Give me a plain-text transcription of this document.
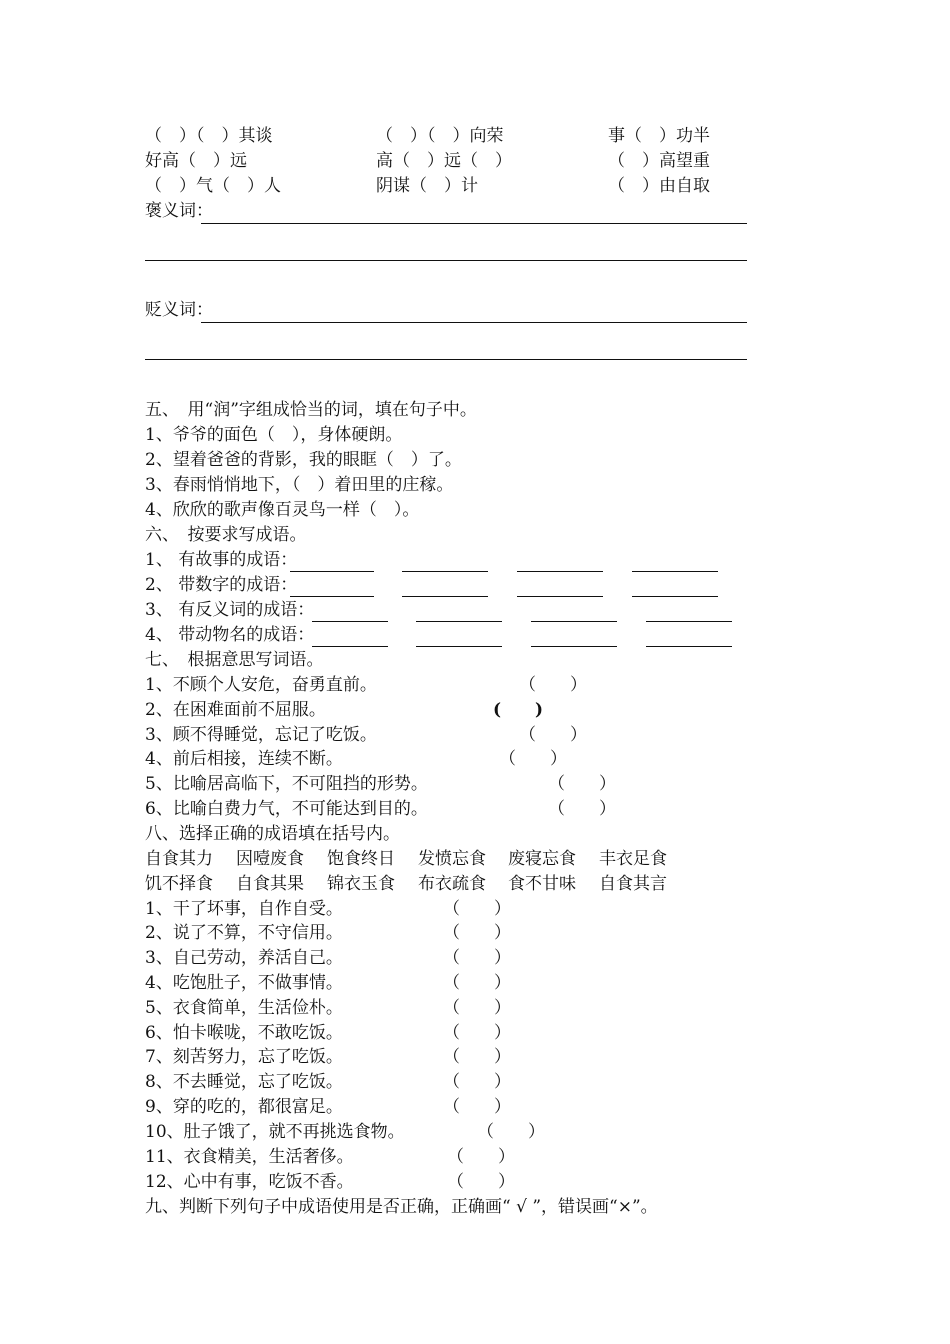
（　）（　）其谈	（　）（　）向荣	事（　）功半
好高（　）远	高（　）远（　）	（　）高望重
（　）气（　）人	阴谋（　）计	（　）由自取
褒义词：
贬义词：
五、　用“润”字组成恰当的词，填在句子中。
1、爷爷的面色（　），身体硬朗。
2、望着爸爸的背影，我的眼眶（　）了。
3、春雨悄悄地下，（　）着田里的庄稼。
4、欣欣的歌声像百灵鸟一样（　）。
六、　按要求写成语。
1、 有故事的成语：
2、 带数字的成语：
3、 有反义词的成语：
4、 带动物名的成语：
七、　根据意思写词语。
1、不顾个人安危，奋勇直前。	（　　）
2、在困难面前不屈服。	(　　)
3、顾不得睡觉，忘记了吃饭。	（　　）
4、前后相接，连续不断。	（　　）
5、比喻居高临下，不可阻挡的形势。	（　　）
6、比喻白费力气，不可能达到目的。	（　　）
八、选择正确的成语填在括号内。
自食其力 因噎废食 饱食终日 发愤忘食 废寝忘食 丰衣足食
饥不择食 自食其果 锦衣玉食 布衣疏食 食不甘味 自食其言
1、干了坏事，自作自受。	（　　）
2、说了不算，不守信用。	（　　）
3、自己劳动，养活自己。	（　　）
4、吃饱肚子，不做事情。	（　　）
5、衣食简单，生活俭朴。	（　　）
6、怕卡喉咙，不敢吃饭。	（　　）
7、刻苦努力，忘了吃饭。	（　　）
8、不去睡觉，忘了吃饭。	（　　）
9、穿的吃的，都很富足。	（　　）
10、肚子饿了，就不再挑选食物。	（　　）
11、衣食精美，生活奢侈。	（　　）
12、心中有事，吃饭不香。	（　　）
九、判断下列句子中成语使用是否正确，正确画“ √ ”，错误画“×”。
